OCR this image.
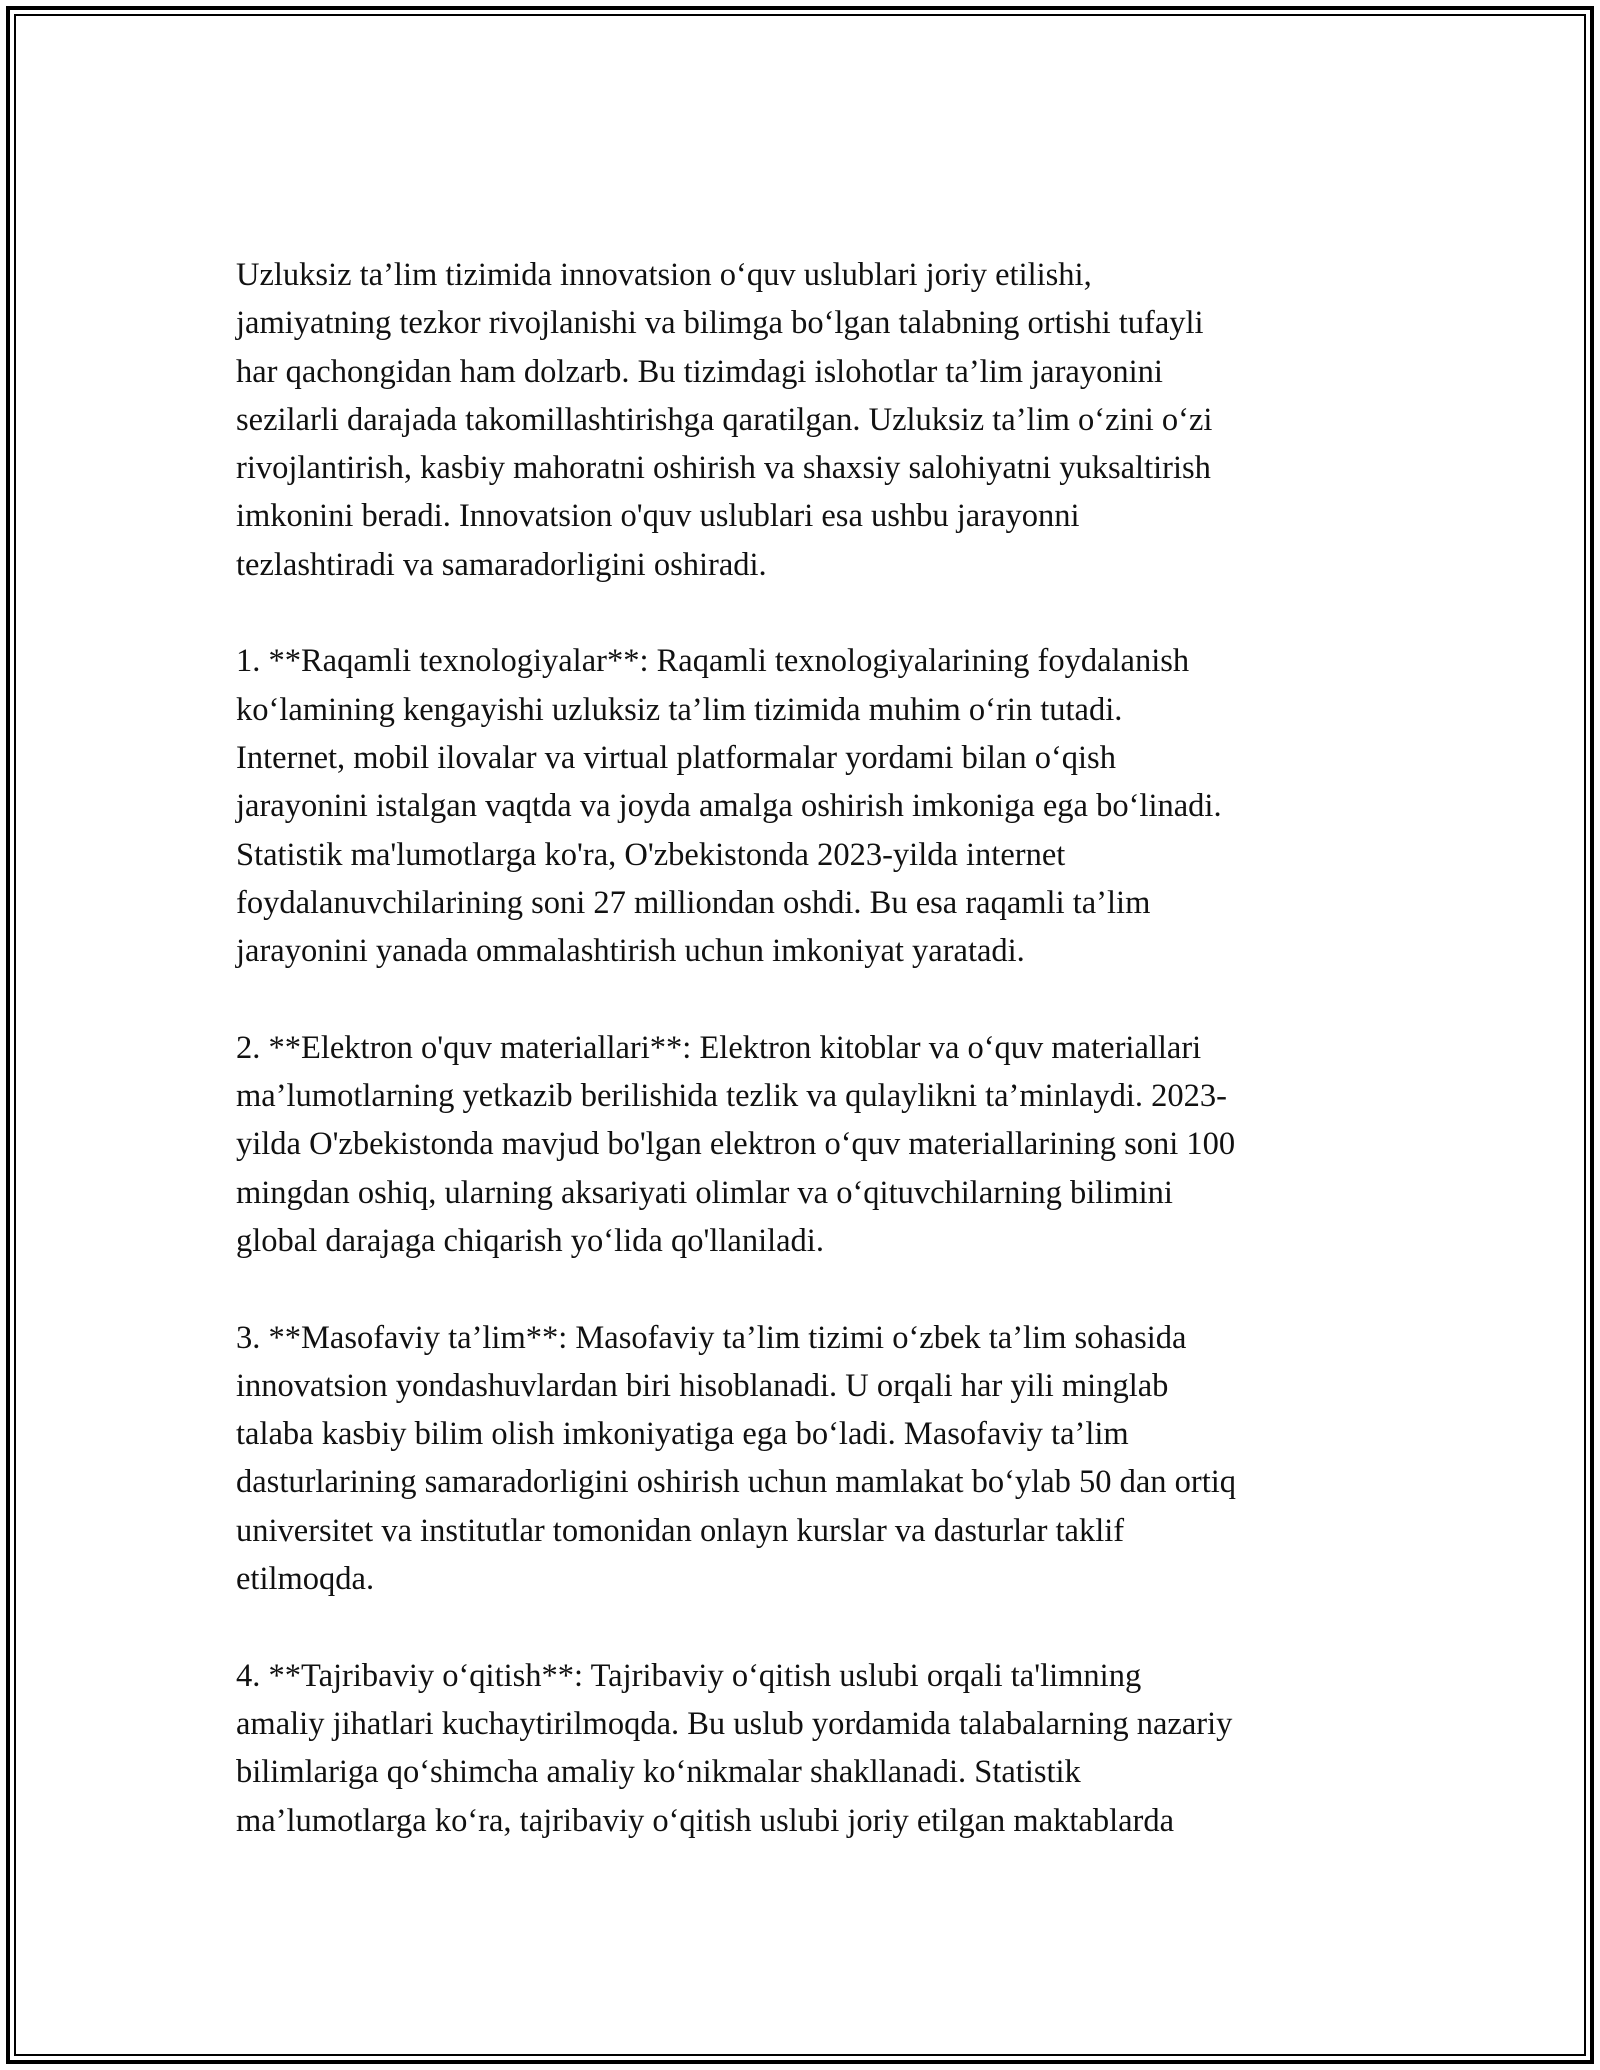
Uzluksiz ta’lim tizimida innovatsion o‘quv uslublari joriy etilishi,
jamiyatning tezkor rivojlanishi va bilimga bo‘lgan talabning ortishi tufayli
har qachongidan ham dolzarb. Bu tizimdagi islohotlar ta’lim jarayonini
sezilarli darajada takomillashtirishga qaratilgan. Uzluksiz ta’lim o‘zini o‘zi
rivojlantirish, kasbiy mahoratni oshirish va shaxsiy salohiyatni yuksaltirish
imkonini beradi. Innovatsion o'quv uslublari esa ushbu jarayonni
tezlashtiradi va samaradorligini oshiradi.

1. **Raqamli texnologiyalar**: Raqamli texnologiyalarining foydalanish
ko‘lamining kengayishi uzluksiz ta’lim tizimida muhim o‘rin tutadi.
Internet, mobil ilovalar va virtual platformalar yordami bilan o‘qish
jarayonini istalgan vaqtda va joyda amalga oshirish imkoniga ega bo‘linadi.
Statistik ma'lumotlarga ko'ra, O'zbekistonda 2023-yilda internet
foydalanuvchilarining soni 27 milliondan oshdi. Bu esa raqamli ta’lim
jarayonini yanada ommalashtirish uchun imkoniyat yaratadi.

2. **Elektron o'quv materiallari**: Elektron kitoblar va o‘quv materiallari
ma’lumotlarning yetkazib berilishida tezlik va qulaylikni ta’minlaydi. 2023-
yilda O'zbekistonda mavjud bo'lgan elektron o‘quv materiallarining soni 100
mingdan oshiq, ularning aksariyati olimlar va o‘qituvchilarning bilimini
global darajaga chiqarish yo‘lida qo'llaniladi.

3. **Masofaviy ta’lim**: Masofaviy ta’lim tizimi o‘zbek ta’lim sohasida
innovatsion yondashuvlardan biri hisoblanadi. U orqali har yili minglab
talaba kasbiy bilim olish imkoniyatiga ega bo‘ladi. Masofaviy ta’lim
dasturlarining samaradorligini oshirish uchun mamlakat bo‘ylab 50 dan ortiq
universitet va institutlar tomonidan onlayn kurslar va dasturlar taklif
etilmoqda.

4. **Tajribaviy o‘qitish**: Tajribaviy o‘qitish uslubi orqali ta'limning
amaliy jihatlari kuchaytirilmoqda. Bu uslub yordamida talabalarning nazariy
bilimlariga qo‘shimcha amaliy ko‘nikmalar shakllanadi. Statistik
ma’lumotlarga ko‘ra, tajribaviy o‘qitish uslubi joriy etilgan maktablarda
